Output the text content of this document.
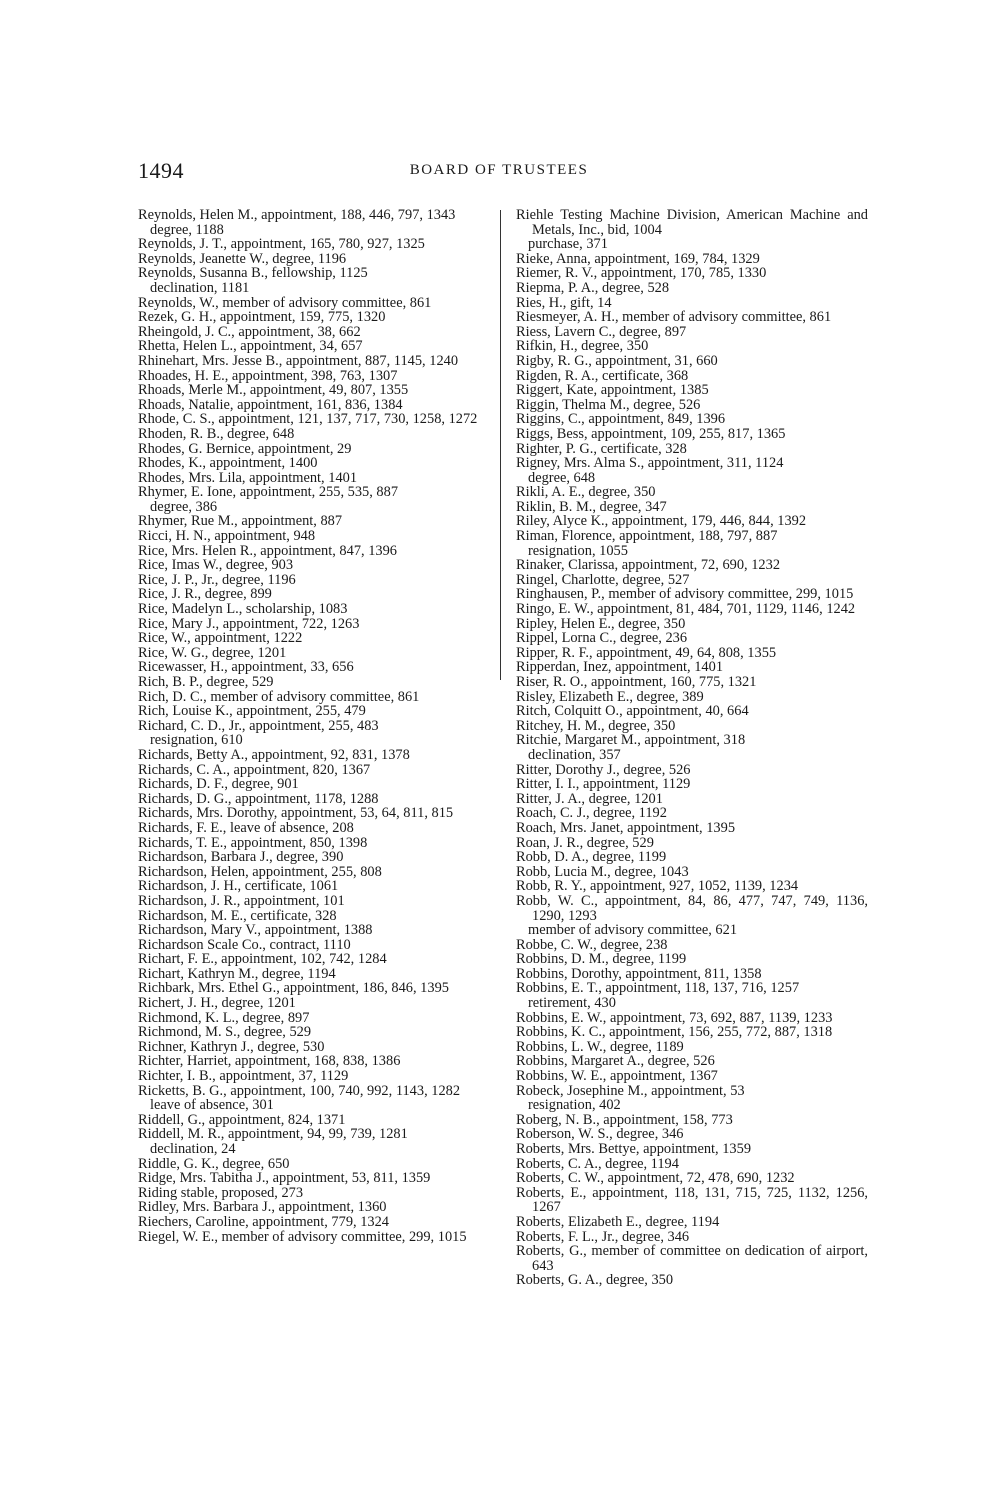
1494	BOARD OF TRUSTEES

Reynolds, Helen M., appointment, 188, 446, 797, 1343

degree, 1188

Reynolds, J. T., appointment, 165, 780, 927, 1325

Reynolds, Jeanette W., degree, 1196

Reynolds, Susanna B., fellowship, 1125

declination, 1181

Reynolds, W., member of advisory committee, 861

Rezek, G. H., appointment, 159, 775, 1320

Rheingold, J. C., appointment, 38, 662

Rhetta, Helen L., appointment, 34, 657

Rhinehart, Mrs. Jesse B., appointment, 887, 1145, 1240

Rhoades, H. E., appointment, 398, 763, 1307

Rhoads, Merle M., appointment, 49, 807, 1355

Rhoads, Natalie, appointment, 161, 836, 1384

Rhode, C. S., appointment, 121, 137, 717, 730, 1258, 1272

Rhoden, R. B., degree, 648

Rhodes, G. Bernice, appointment, 29

Rhodes, K., appointment, 1400

Rhodes, Mrs. Lila, appointment, 1401

Rhymer, E. Ione, appointment, 255, 535, 887

degree, 386

Rhymer, Rue M., appointment, 887

Ricci, H. N., appointment, 948

Rice, Mrs. Helen R., appointment, 847, 1396

Rice, Imas W., degree, 903

Rice, J. P., Jr., degree, 1196

Rice, J. R., degree, 899

Rice, Madelyn L., scholarship, 1083

Rice, Mary J., appointment, 722, 1263

Rice, W., appointment, 1222

Rice, W. G., degree, 1201

Ricewasser, H., appointment, 33, 656

Rich, B. P., degree, 529

Rich, D. C., member of advisory committee, 861

Rich, Louise K., appointment, 255, 479

Richard, C. D., Jr., appointment, 255, 483

resignation, 610

Richards, Betty A., appointment, 92, 831, 1378

Richards, C. A., appointment, 820, 1367

Richards, D. F., degree, 901

Richards, D. G., appointment, 1178, 1288

Richards, Mrs. Dorothy, appointment, 53, 64, 811, 815

Richards, F. E., leave of absence, 208

Richards, T. E., appointment, 850, 1398

Richardson, Barbara J., degree, 390

Richardson, Helen, appointment, 255, 808

Richardson, J. H., certificate, 1061

Richardson, J. R., appointment, 101

Richardson, M. E., certificate, 328

Richardson, Mary V., appointment, 1388

Richardson Scale Co., contract, 1110

Richart, F. E., appointment, 102, 742, 1284

Richart, Kathryn M., degree, 1194

Richbark, Mrs. Ethel G., appointment, 186, 846, 1395

Richert, J. H., degree, 1201

Richmond, K. L., degree, 897

Richmond, M. S., degree, 529

Richner, Kathryn J., degree, 530

Richter, Harriet, appointment, 168, 838, 1386

Richter, I. B., appointment, 37, 1129

Ricketts, B. G., appointment, 100, 740, 992, 1143, 1282

leave of absence, 301

Riddell, G., appointment, 824, 1371

Riddell, M. R., appointment, 94, 99, 739, 1281

declination, 24

Riddle, G. K., degree, 650

Ridge, Mrs. Tabitha J., appointment, 53, 811, 1359

Riding stable, proposed, 273

Ridley, Mrs. Barbara J., appointment, 1360

Riechers, Caroline, appointment, 779, 1324

Riegel, W. E., member of advisory committee, 299, 1015

Riehle Testing Machine Division, American Machine and Metals, Inc., bid, 1004

purchase, 371

Rieke, Anna, appointment, 169, 784, 1329

Riemer, R. V., appointment, 170, 785, 1330

Riepma, P. A., degree, 528

Ries, H., gift, 14

Riesmeyer, A. H., member of advisory committee, 861

Riess, Lavern C., degree, 897

Rifkin, H., degree, 350

Rigby, R. G., appointment, 31, 660

Rigden, R. A., certificate, 368

Riggert, Kate, appointment, 1385

Riggin, Thelma M., degree, 526

Riggins, C., appointment, 849, 1396

Riggs, Bess, appointment, 109, 255, 817, 1365

Righter, P. G., certificate, 328

Rigney, Mrs. Alma S., appointment, 311, 1124

degree, 648

Rikli, A. E., degree, 350

Riklin, B. M., degree, 347

Riley, Alyce K., appointment, 179, 446, 844, 1392

Riman, Florence, appointment, 188, 797, 887

resignation, 1055

Rinaker, Clarissa, appointment, 72, 690, 1232

Ringel, Charlotte, degree, 527

Ringhausen, P., member of advisory committee, 299, 1015

Ringo, E. W., appointment, 81, 484, 701, 1129, 1146, 1242

Ripley, Helen E., degree, 350

Rippel, Lorna C., degree, 236

Ripper, R. F., appointment, 49, 64, 808, 1355

Ripperdan, Inez, appointment, 1401

Riser, R. O., appointment, 160, 775, 1321

Risley, Elizabeth E., degree, 389

Ritch, Colquitt O., appointment, 40, 664

Ritchey, H. M., degree, 350

Ritchie, Margaret M., appointment, 318

declination, 357

Ritter, Dorothy J., degree, 526

Ritter, I. I., appointment, 1129

Ritter, J. A., degree, 1201

Roach, C. J., degree, 1192

Roach, Mrs. Janet, appointment, 1395

Roan, J. R., degree, 529

Robb, D. A., degree, 1199

Robb, Lucia M., degree, 1043

Robb, R. Y., appointment, 927, 1052, 1139, 1234

Robb, W. C., appointment, 84, 86, 477, 747, 749, 1136, 1290, 1293

member of advisory committee, 621

Robbe, C. W., degree, 238

Robbins, D. M., degree, 1199

Robbins, Dorothy, appointment, 811, 1358

Robbins, E. T., appointment, 118, 137, 716, 1257

retirement, 430

Robbins, E. W., appointment, 73, 692, 887, 1139, 1233

Robbins, K. C., appointment, 156, 255, 772, 887, 1318

Robbins, L. W., degree, 1189

Robbins, Margaret A., degree, 526

Robbins, W. E., appointment, 1367

Robeck, Josephine M., appointment, 53

resignation, 402

Roberg, N. B., appointment, 158, 773

Roberson, W. S., degree, 346

Roberts, Mrs. Bettye, appointment, 1359

Roberts, C. A., degree, 1194

Roberts, C. W., appointment, 72, 478, 690, 1232

Roberts, E., appointment, 118, 131, 715, 725, 1132, 1256, 1267

Roberts, Elizabeth E., degree, 1194

Roberts, F. L., Jr., degree, 346

Roberts, G., member of committee on dedication of airport, 643

Roberts, G. A., degree, 350
